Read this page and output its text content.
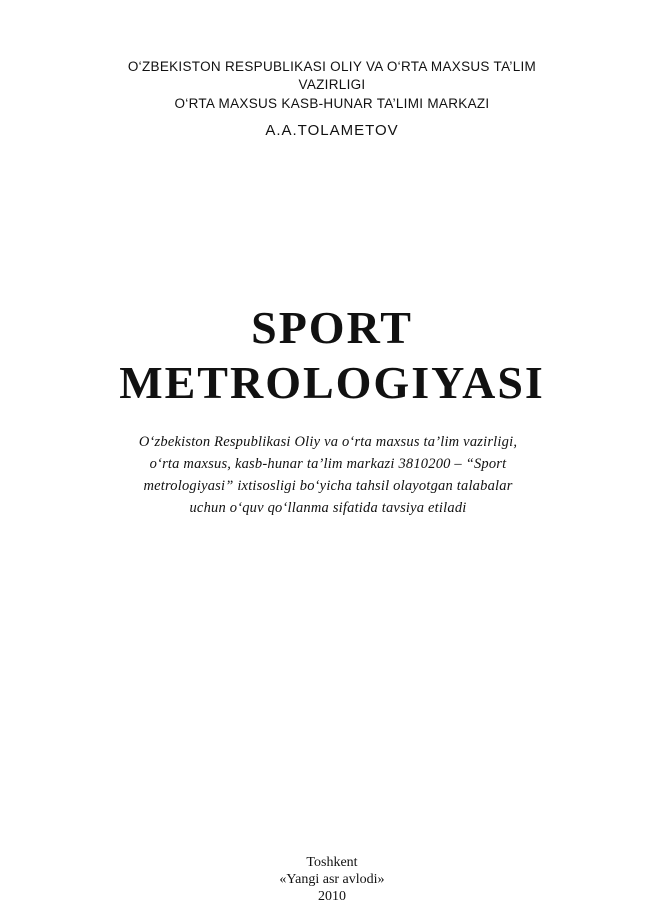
O‘ZBEKISTON RESPUBLIKASI OLIY VA O‘RTA MAXSUS TA’LIM
VAZIRLIGI
O‘RTA MAXSUS KASB-HUNAR TA’LIMI MARKAZI
A.A.TOLAMETOV
SPORT
METROLOGIYASI
O‘zbekiston Respublikasi Oliy va o‘rta maxsus ta’lim vazirligi,
o‘rta maxsus, kasb-hunar ta’lim markazi 3810200 – “Sport
metrologiyasi” ixtisosligi bo‘yicha tahsil olayotgan talabalar
uchun o‘quv qo‘llanma sifatida tavsiya etiladi
Toshkent
«Yangi asr avlodi»
2010
